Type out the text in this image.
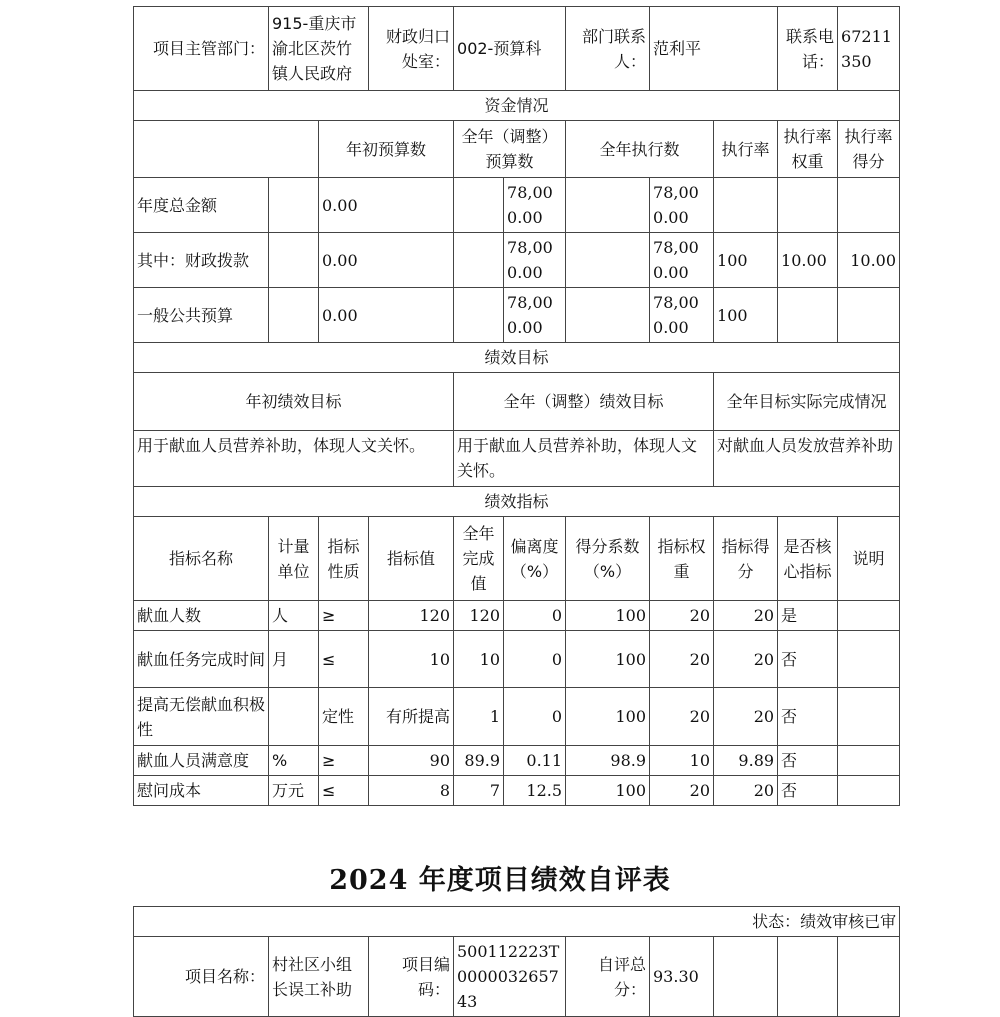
项目主管部门：	915-重庆市渝北区茨竹镇人民政府		财政归口处室：	002-预算科		部门联系人：	范利平		联系电话：	67211350
资金情况										
		年初预算数		全年（调整）预算数		全年执行数		执行率	执行率权重	执行率得分
年度总金额		0.00			78,000.00		78,000.00			
其中：财政拨款		0.00			78,000.00		78,000.00	100	10.00	10.00
一般公共预算		0.00			78,000.00		78,000.00	100		
绩效目标										
年初绩效目标				全年（调整）绩效目标				全年目标实际完成情况		
用于献血人员营养补助，体现人文关怀。				用于献血人员营养补助，体现人文关怀。				对献血人员发放营养补助		
绩效指标										
指标名称	计量单位	指标性质	指标值	全年完成值	偏离度（%）	得分系数（%）	指标权重	指标得分	是否核心指标	说明
献血人数	人	≥	120	120	0	100	20	20	是	
献血任务完成时间	月	≤	10	10	0	100	20	20	否	
提高无偿献血积极性		定性	有所提高	1	0	100	20	20	否	
献血人员满意度	%	≥	90	89.9	0.11	98.9	10	9.89	否	
慰问成本	万元	≤	8	7	12.5	100	20	20	否	
2024 年度项目绩效自评表
状态：绩效审核已审
项目名称：	村社区小组长误工补助	项目编码：	500112223T000003265743	自评总分：	93.30			
